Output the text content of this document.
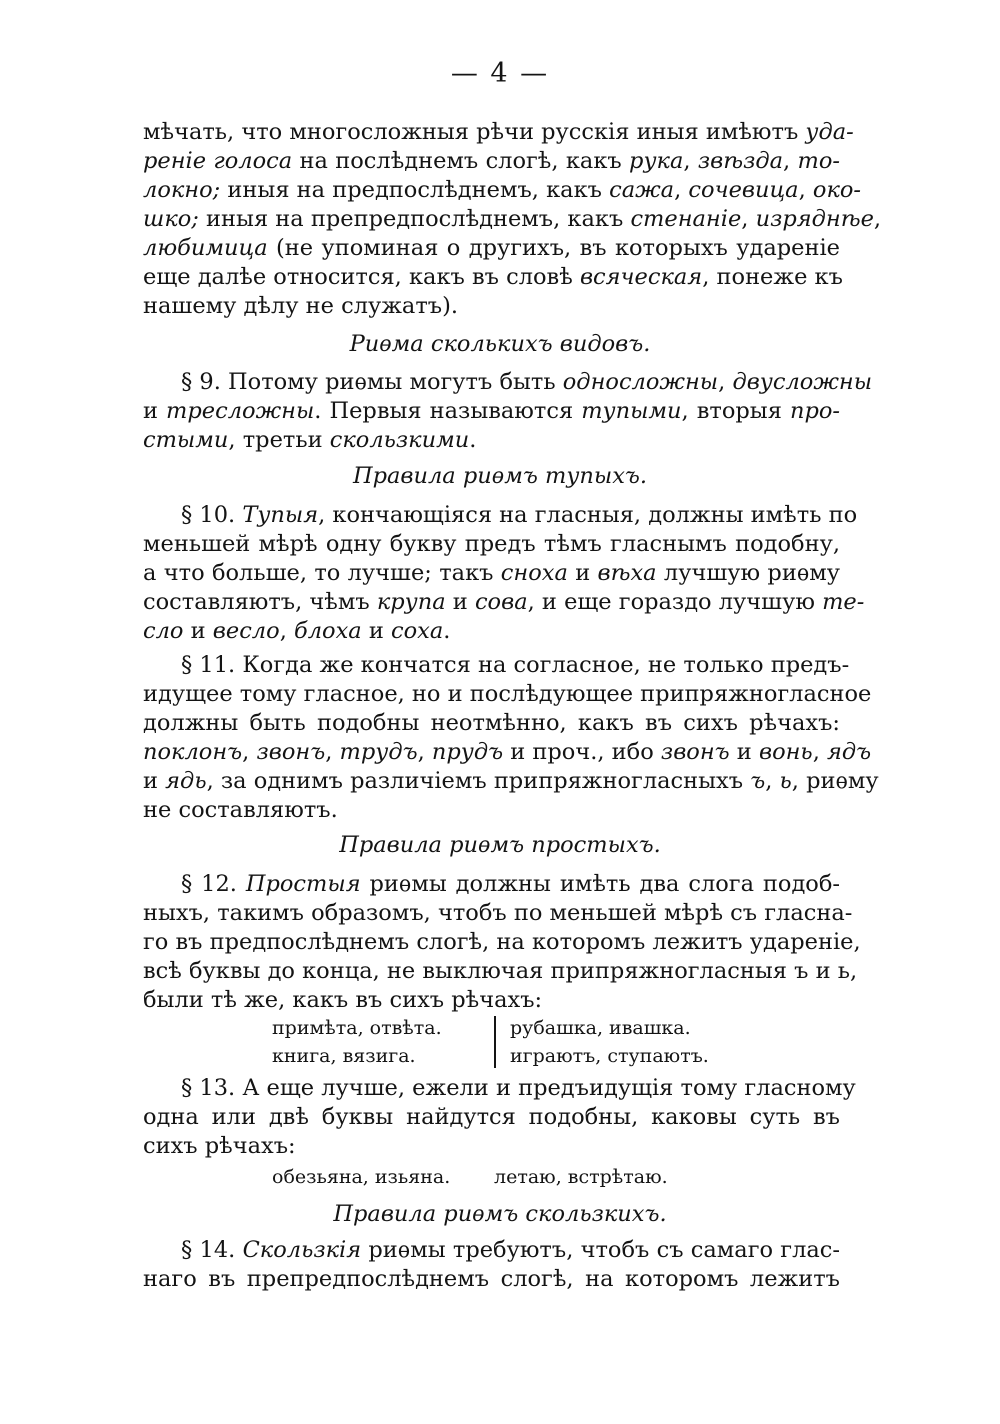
— 4 —
мѣчать, что многосложныя рѣчи русскія иныя имѣютъ уда-
реніе голоса на послѣднемъ слогѣ, какъ рука, звѣзда, то-
локно; иныя на предпослѣднемъ, какъ сажа, сочевица, око-
шко; иныя на препредпослѣднемъ, какъ стенаніе, изряднѣе,
любимица (не упоминая о другихъ, въ которыхъ удареніе
еще далѣе относится, какъ въ словѣ всяческая, понеже къ
нашему дѣлу не служатъ).
Риѳма сколькихъ видовъ.
§ 9. Потому риѳмы могутъ быть односложны, двусложны
и тресложны. Первыя называются тупыми, вторыя про-
стыми, третьи скользкими.
Правила риѳмъ тупыхъ.
§ 10. Тупыя, кончающіяся на гласныя, должны имѣть по
меньшей мѣрѣ одну букву предъ тѣмъ гласнымъ подобну,
а что больше, то лучше; такъ сноха и вѣха лучшую риѳму
составляютъ, чѣмъ крупа и сова, и еще гораздо лучшую те-
сло и весло, блоха и соха.
§ 11. Когда же кончатся на согласное, не только предъ-
идущее тому гласное, но и послѣдующее припряжногласное
должны быть подобны неотмѣнно, какъ въ сихъ рѣчахъ:
поклонъ, звонъ, трудъ, прудъ и проч., ибо звонъ и вонь, ядъ
и ядь, за однимъ различіемъ припряжногласныхъ ъ, ь, риѳму
не составляютъ.
Правила риѳмъ простыхъ.
§ 12. Простыя риѳмы должны имѣть два слога подоб-
ныхъ, такимъ образомъ, чтобъ по меньшей мѣрѣ съ гласна-
го въ предпослѣднемъ слогѣ, на которомъ лежитъ удареніе,
всѣ буквы до конца, не выключая припряжногласныя ъ и ь,
были тѣ же, какъ въ сихъ рѣчахъ:
примѣта, отвѣта.
книга, вязига.
рубашка, ивашка.
играютъ, ступаютъ.
§ 13. А еще лучше, ежели и предъидущія тому гласному
одна или двѣ буквы найдутся подобны, каковы суть въ
сихъ рѣчахъ:
обезьяна, изьяна. летаю, встрѣтаю.
Правила риѳмъ скользкихъ.
§ 14. Скользкія риѳмы требуютъ, чтобъ съ самаго глас-
наго въ препредпослѣднемъ слогѣ, на которомъ лежитъ
